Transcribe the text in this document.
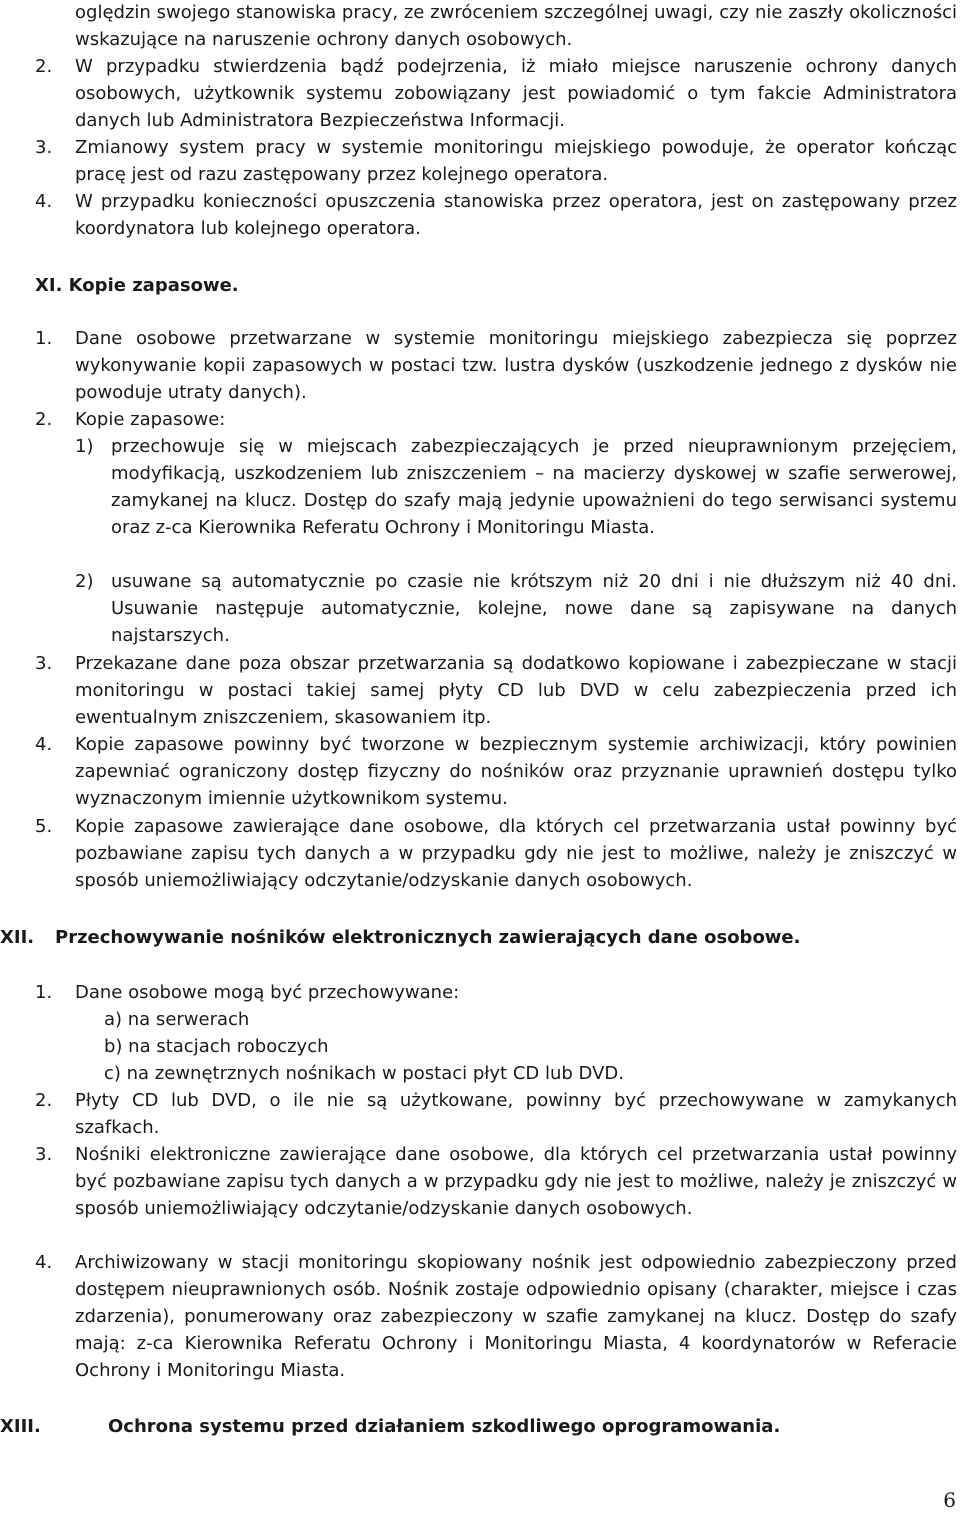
oględzin swojego stanowiska pracy, ze zwróceniem szczególnej uwagi, czy nie zaszły okoliczności wskazujące na naruszenie ochrony danych osobowych.

2. W przypadku stwierdzenia bądź podejrzenia, iż miało miejsce naruszenie ochrony danych osobowych, użytkownik systemu zobowiązany jest powiadomić o tym fakcie Administratora danych lub Administratora Bezpieczeństwa Informacji.

3. Zmianowy system pracy w systemie monitoringu miejskiego powoduje, że operator kończąc pracę jest od razu zastępowany przez kolejnego operatora.

4. W przypadku konieczności opuszczenia stanowiska przez operatora, jest on zastępowany przez koordynatora lub kolejnego operatora.

XI. Kopie zapasowe.
1. Dane osobowe przetwarzane w systemie monitoringu miejskiego zabezpiecza się poprzez wykonywanie kopii zapasowych w postaci tzw. lustra dysków (uszkodzenie jednego z dysków nie powoduje utraty danych).

2. Kopie zapasowe:

1) przechowuje się w miejscach zabezpieczających je przed nieuprawnionym przejęciem, modyfikacją, uszkodzeniem lub zniszczeniem – na macierzy dyskowej w szafie serwerowej, zamykanej na klucz. Dostęp do szafy mają jedynie upoważnieni do tego serwisanci systemu oraz z-ca Kierownika Referatu Ochrony i Monitoringu Miasta.

2) usuwane są automatycznie po czasie nie krótszym niż 20 dni i nie dłuższym niż 40 dni. Usuwanie następuje automatycznie, kolejne, nowe dane są zapisywane na danych najstarszych.

3. Przekazane dane poza obszar przetwarzania są dodatkowo kopiowane i zabezpieczane w stacji monitoringu w postaci takiej samej płyty CD lub DVD w celu zabezpieczenia przed ich ewentualnym zniszczeniem, skasowaniem itp.

4. Kopie zapasowe powinny być tworzone w bezpiecznym systemie archiwizacji, który powinien zapewniać ograniczony dostęp fizyczny do nośników oraz przyznanie uprawnień dostępu tylko wyznaczonym imiennie użytkownikom systemu.

5. Kopie zapasowe zawierające dane osobowe, dla których cel przetwarzania ustał powinny być pozbawiane zapisu tych danych a w przypadku gdy nie jest to możliwe, należy je zniszczyć w sposób uniemożliwiający odczytanie/odzyskanie danych osobowych.

XII. Przechowywanie nośników elektronicznych zawierających dane osobowe.
1. Dane osobowe mogą być przechowywane:

a) na serwerach
b) na stacjach roboczych
c) na zewnętrznych nośnikach w postaci płyt CD lub DVD.
2. Płyty CD lub DVD, o ile nie są użytkowane, powinny być przechowywane w zamykanych szafkach.

3. Nośniki elektroniczne zawierające dane osobowe, dla których cel przetwarzania ustał powinny być pozbawiane zapisu tych danych a w przypadku gdy nie jest to możliwe, należy je zniszczyć w sposób uniemożliwiający odczytanie/odzyskanie danych osobowych.

4. Archiwizowany w stacji monitoringu skopiowany nośnik jest odpowiednio zabezpieczony przed dostępem nieuprawnionych osób. Nośnik zostaje odpowiednio opisany (charakter, miejsce i czas zdarzenia), ponumerowany oraz zabezpieczony w szafie zamykanej na klucz. Dostęp do szafy mają: z-ca Kierownika Referatu Ochrony i Monitoringu Miasta, 4 koordynatorów w Referacie Ochrony i Monitoringu Miasta.

XIII.	Ochrona systemu przed działaniem szkodliwego oprogramowania.
6
